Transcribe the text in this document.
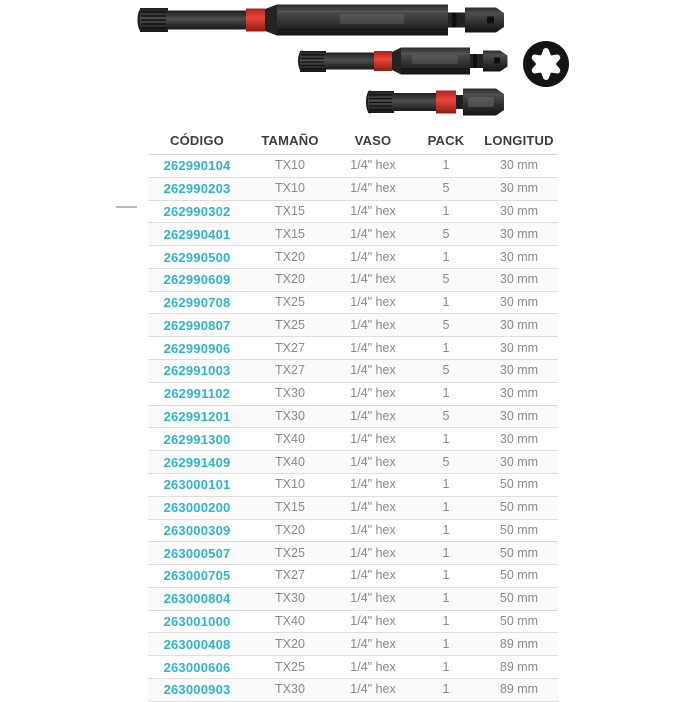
CÓDIGO	TAMAÑO	VASO	PACK	LONGITUD
262990104	TX10	1/4" hex	1	30 mm
262990203	TX10	1/4" hex	5	30 mm
262990302	TX15	1/4" hex	1	30 mm
262990401	TX15	1/4" hex	5	30 mm
262990500	TX20	1/4" hex	1	30 mm
262990609	TX20	1/4" hex	5	30 mm
262990708	TX25	1/4" hex	1	30 mm
262990807	TX25	1/4" hex	5	30 mm
262990906	TX27	1/4" hex	1	30 mm
262991003	TX27	1/4" hex	5	30 mm
262991102	TX30	1/4" hex	1	30 mm
262991201	TX30	1/4" hex	5	30 mm
262991300	TX40	1/4" hex	1	30 mm
262991409	TX40	1/4" hex	5	30 mm
263000101	TX10	1/4" hex	1	50 mm
263000200	TX15	1/4" hex	1	50 mm
263000309	TX20	1/4" hex	1	50 mm
263000507	TX25	1/4" hex	1	50 mm
263000705	TX27	1/4" hex	1	50 mm
263000804	TX30	1/4" hex	1	50 mm
263001000	TX40	1/4" hex	1	50 mm
263000408	TX20	1/4" hex	1	89 mm
263000606	TX25	1/4" hex	1	89 mm
263000903	TX30	1/4" hex	1	89 mm
